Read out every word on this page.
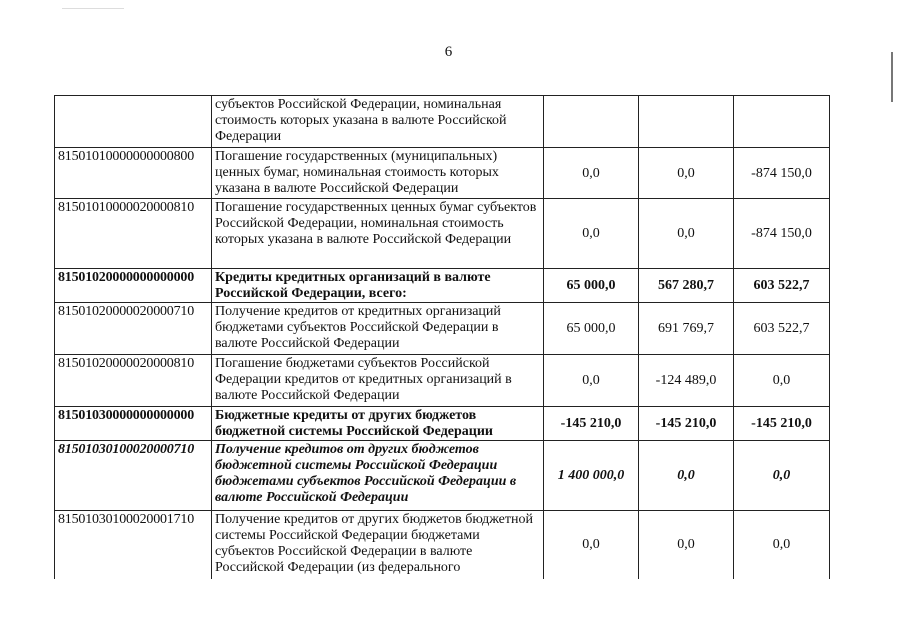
6
	субъектов Российской Федерации, номинальная стоимость которых указана в валюте Российской Федерации			
81501010000000000800	Погашение государственных (муниципальных) ценных бумаг, номинальная стоимость которых указана в валюте Российской Федерации	0,0	0,0	-874 150,0
81501010000020000810	Погашение государственных ценных бумаг субъектов Российской Федерации, номинальная стоимость которых указана в валюте Российской Федерации	0,0	0,0	-874 150,0
81501020000000000000	Кредиты кредитных организаций в валюте Российской Федерации, всего:	65 000,0	567 280,7	603 522,7
81501020000020000710	Получение кредитов от кредитных организаций бюджетами субъектов Российской Федерации в валюте Российской Федерации	65 000,0	691 769,7	603 522,7
81501020000020000810	Погашение бюджетами субъектов Российской Федерации кредитов от кредитных организаций в валюте Российской Федерации	0,0	-124 489,0	0,0
81501030000000000000	Бюджетные кредиты от других бюджетов бюджетной системы Российской Федерации	-145 210,0	-145 210,0	-145 210,0
81501030100020000710	Получение кредитов от других бюджетов бюджетной системы Российской Федерации бюджетами субъектов Российской Федерации в валюте Российской Федерации	1 400 000,0	0,0	0,0
81501030100020001710	Получение кредитов от других бюджетов бюджетной системы Российской Федерации бюджетами субъектов Российской Федерации в валюте Российской Федерации (из федерального	0,0	0,0	0,0
